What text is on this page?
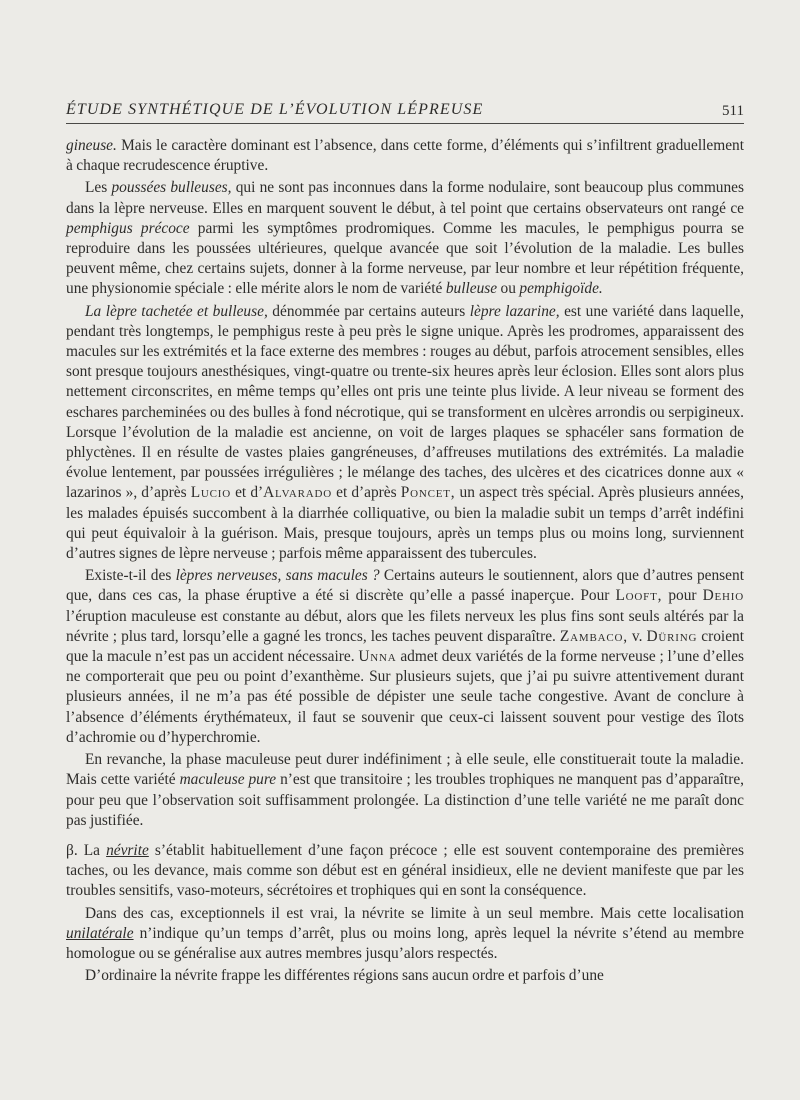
ÉTUDE SYNTHÉTIQUE DE L’ÉVOLUTION LÉPREUSE	511

gineuse. Mais le caractère dominant est l’absence, dans cette forme, d’éléments qui s’infiltrent graduellement à chaque recrudescence éruptive.

Les poussées bulleuses, qui ne sont pas inconnues dans la forme nodulaire, sont beaucoup plus communes dans la lèpre nerveuse. Elles en marquent souvent le début, à tel point que certains observateurs ont rangé ce pemphigus précoce parmi les symptômes prodromiques. Comme les macules, le pemphigus pourra se reproduire dans les poussées ultérieures, quelque avancée que soit l’évolution de la maladie. Les bulles peuvent même, chez certains sujets, donner à la forme nerveuse, par leur nombre et leur répétition fréquente, une physionomie spéciale : elle mérite alors le nom de variété bulleuse ou pemphigoïde.

La lèpre tachetée et bulleuse, dénommée par certains auteurs lèpre lazarine, est une variété dans laquelle, pendant très longtemps, le pemphigus reste à peu près le signe unique. Après les prodromes, apparaissent des macules sur les extrémités et la face externe des membres : rouges au début, parfois atrocement sensibles, elles sont presque toujours anesthésiques, vingt-quatre ou trente-six heures après leur éclosion. Elles sont alors plus nettement circonscrites, en même temps qu’elles ont pris une teinte plus livide. A leur niveau se forment des eschares parcheminées ou des bulles à fond nécrotique, qui se transforment en ulcères arrondis ou serpigineux. Lorsque l’évolution de la maladie est ancienne, on voit de larges plaques se sphacéler sans formation de phlyctènes. Il en résulte de vastes plaies gangréneuses, d’affreuses mutilations des extrémités. La maladie évolue lentement, par poussées irrégulières ; le mélange des taches, des ulcères et des cicatrices donne aux « lazarinos », d’après Lucio et d’Alvarado et d’après Poncet, un aspect très spécial. Après plusieurs années, les malades épuisés succombent à la diarrhée colliquative, ou bien la maladie subit un temps d’arrêt indéfini qui peut équivaloir à la guérison. Mais, presque toujours, après un temps plus ou moins long, surviennent d’autres signes de lèpre nerveuse ; parfois même apparaissent des tubercules.

Existe-t-il des lèpres nerveuses, sans macules ? Certains auteurs le soutiennent, alors que d’autres pensent que, dans ces cas, la phase éruptive a été si discrète qu’elle a passé inaperçue. Pour Looft, pour Dehio l’éruption maculeuse est constante au début, alors que les filets nerveux les plus fins sont seuls altérés par la névrite ; plus tard, lorsqu’elle a gagné les troncs, les taches peuvent disparaître. Zambaco, v. Düring croient que la macule n’est pas un accident nécessaire. Unna admet deux variétés de la forme nerveuse ; l’une d’elles ne comporterait que peu ou point d’exanthème. Sur plusieurs sujets, que j’ai pu suivre attentivement durant plusieurs années, il ne m’a pas été possible de dépister une seule tache congestive. Avant de conclure à l’absence d’éléments érythémateux, il faut se souvenir que ceux-ci laissent souvent pour vestige des îlots d’achromie ou d’hyperchromie.

En revanche, la phase maculeuse peut durer indéfiniment ; à elle seule, elle constituerait toute la maladie. Mais cette variété maculeuse pure n’est que transitoire ; les troubles trophiques ne manquent pas d’apparaître, pour peu que l’observation soit suffisamment prolongée. La distinction d’une telle variété ne me paraît donc pas justifiée.

β. La névrite s’établit habituellement d’une façon précoce ; elle est souvent contemporaine des premières taches, ou les devance, mais comme son début est en général insidieux, elle ne devient manifeste que par les troubles sensitifs, vaso-moteurs, sécrétoires et trophiques qui en sont la conséquence.

Dans des cas, exceptionnels il est vrai, la névrite se limite à un seul membre. Mais cette localisation unilatérale n’indique qu’un temps d’arrêt, plus ou moins long, après lequel la névrite s’étend au membre homologue ou se généralise aux autres membres jusqu’alors respectés.

D’ordinaire la névrite frappe les différentes régions sans aucun ordre et parfois d’une
